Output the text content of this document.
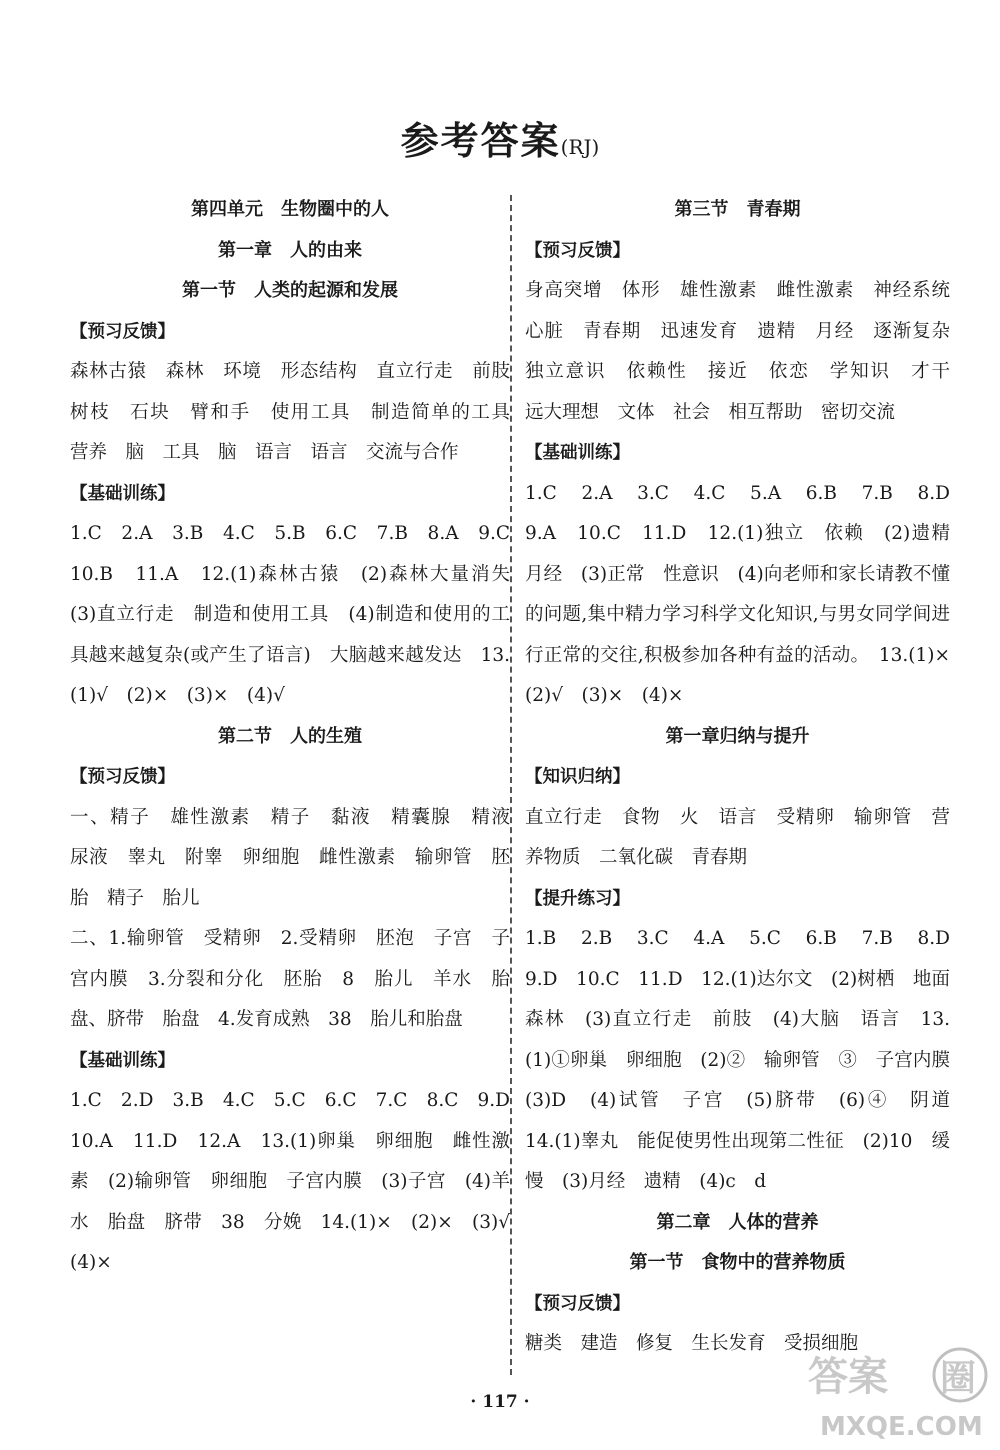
参考答案(RJ)
第四单元　生物圈中的人
第一章　人的由来
第一节　人类的起源和发展
【预习反馈】
森林古猿　森林　环境　形态结构　直立行走　前肢　树枝　石块　臂和手　使用工具　制造简单的工具　营养　脑　工具　脑　语言　语言　交流与合作
【基础训练】
1.C　2.A　3.B　4.C　5.B　6.C　7.B　8.A　9.C　10.B　11.A　12.(1)森林古猿　(2)森林大量消失　(3)直立行走　制造和使用工具　(4)制造和使用的工具越来越复杂(或产生了语言)　大脑越来越发达　13.(1)√　(2)×　(3)×　(4)√
第二节　人的生殖
【预习反馈】
一、精子　雄性激素　精子　黏液　精囊腺　精液　尿液　睾丸　附睾　卵细胞　雌性激素　输卵管　胚胎　精子　胎儿
二、1.输卵管　受精卵　2.受精卵　胚泡　子宫　子宫内膜　3.分裂和分化　胚胎　8　胎儿　羊水　胎盘、脐带　胎盘　4.发育成熟　38　胎儿和胎盘
【基础训练】
1.C　2.D　3.B　4.C　5.C　6.C　7.C　8.C　9.D　10.A　11.D　12.A　13.(1)卵巢　卵细胞　雌性激素　(2)输卵管　卵细胞　子宫内膜　(3)子宫　(4)羊水　胎盘　脐带　38　分娩　14.(1)×　(2)×　(3)√　(4)×
第三节　青春期
【预习反馈】
身高突增　体形　雄性激素　雌性激素　神经系统　心脏　青春期　迅速发育　遗精　月经　逐渐复杂　独立意识　依赖性　接近　依恋　学知识　才干　远大理想　文体　社会　相互帮助　密切交流
【基础训练】
1.C　2.A　3.C　4.C　5.A　6.B　7.B　8.D　9.A　10.C　11.D　12.(1)独立　依赖　(2)遗精　月经　(3)正常　性意识　(4)向老师和家长请教不懂的问题,集中精力学习科学文化知识,与男女同学间进行正常的交往,积极参加各种有益的活动。　13.(1)×　(2)√　(3)×　(4)×
第一章归纳与提升
【知识归纳】
直立行走　食物　火　语言　受精卵　输卵管　营养物质　二氧化碳　青春期
【提升练习】
1.B　2.B　3.C　4.A　5.C　6.B　7.B　8.D　9.D　10.C　11.D　12.(1)达尔文　(2)树栖　地面　森林　(3)直立行走　前肢　(4)大脑　语言　13.(1)①卵巢　卵细胞　(2)②　输卵管　③　子宫内膜　(3)D　(4)试管　子宫　(5)脐带　(6)④　阴道　14.(1)睾丸　能促使男性出现第二性征　(2)10　缓慢　(3)月经　遗精　(4)c　d
第二章　人体的营养
第一节　食物中的营养物质
【预习反馈】
糖类　建造　修复　生长发育　受损细胞
· 117 ·
答案 圈
MXQE.COM
